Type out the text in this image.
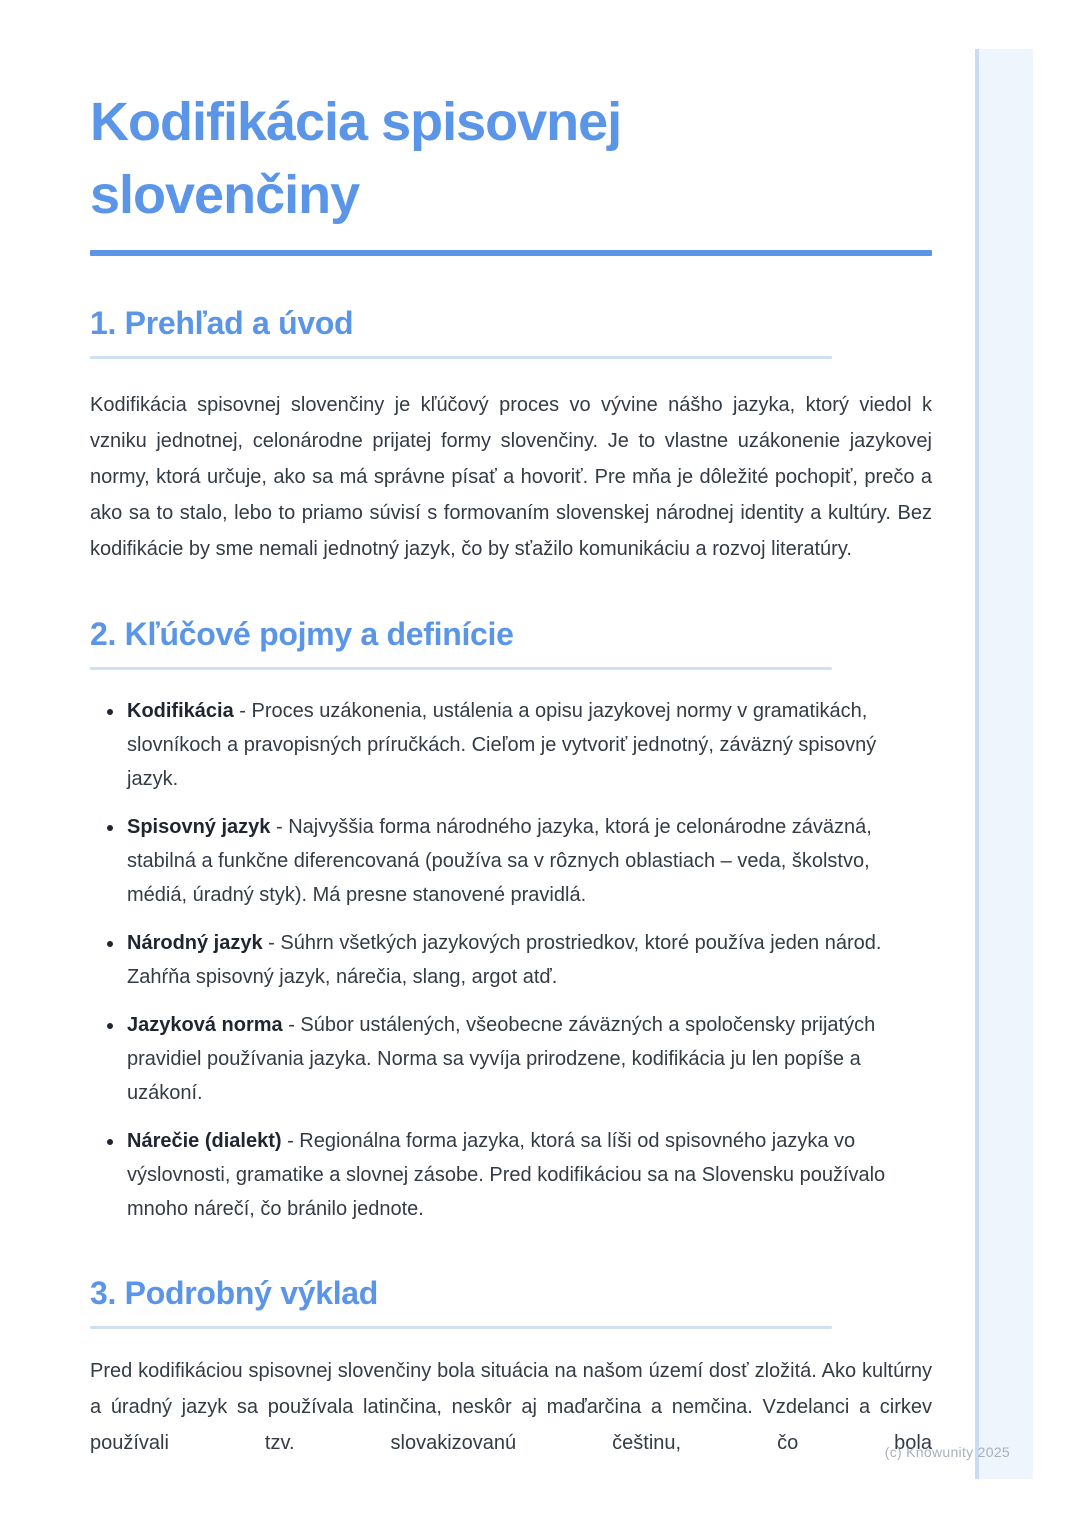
Kodifikácia spisovnej slovenčiny
1. Prehľad a úvod

Kodifikácia spisovnej slovenčiny je kľúčový proces vo vývine nášho jazyka, ktorý viedol k vzniku jednotnej, celonárodne prijatej formy slovenčiny. Je to vlastne uzákonenie jazykovej normy, ktorá určuje, ako sa má správne písať a hovoriť. Pre mňa je dôležité pochopiť, prečo a ako sa to stalo, lebo to priamo súvisí s formovaním slovenskej národnej identity a kultúry. Bez kodifikácie by sme nemali jednotný jazyk, čo by sťažilo komunikáciu a rozvoj literatúry.

2. Kľúčové pojmy a definície
• Kodifikácia - Proces uzákonenia, ustálenia a opisu jazykovej normy v gramatikách, slovníkoch a pravopisných príručkách. Cieľom je vytvoriť jednotný, záväzný spisovný jazyk.
• Spisovný jazyk - Najvyššia forma národného jazyka, ktorá je celonárodne záväzná, stabilná a funkčne diferencovaná (používa sa v rôznych oblastiach – veda, školstvo, médiá, úradný styk). Má presne stanovené pravidlá.
• Národný jazyk - Súhrn všetkých jazykových prostriedkov, ktoré používa jeden národ. Zahŕňa spisovný jazyk, nárečia, slang, argot atď.
• Jazyková norma - Súbor ustálených, všeobecne záväzných a spoločensky prijatých pravidiel používania jazyka. Norma sa vyvíja prirodzene, kodifikácia ju len popíše a uzákoní.
• Nárečie (dialekt) - Regionálna forma jazyka, ktorá sa líši od spisovného jazyka vo výslovnosti, gramatike a slovnej zásobe. Pred kodifikáciou sa na Slovensku používalo mnoho nárečí, čo bránilo jednote.
3. Podrobný výklad

Pred kodifikáciou spisovnej slovenčiny bola situácia na našom území dosť zložitá. Ako kultúrny a úradný jazyk sa používala latinčina, neskôr aj maďarčina a nemčina. Vzdelanci a cirkev používali tzv. slovakizovanú češtinu, čo bola

(c) Knowunity 2025
